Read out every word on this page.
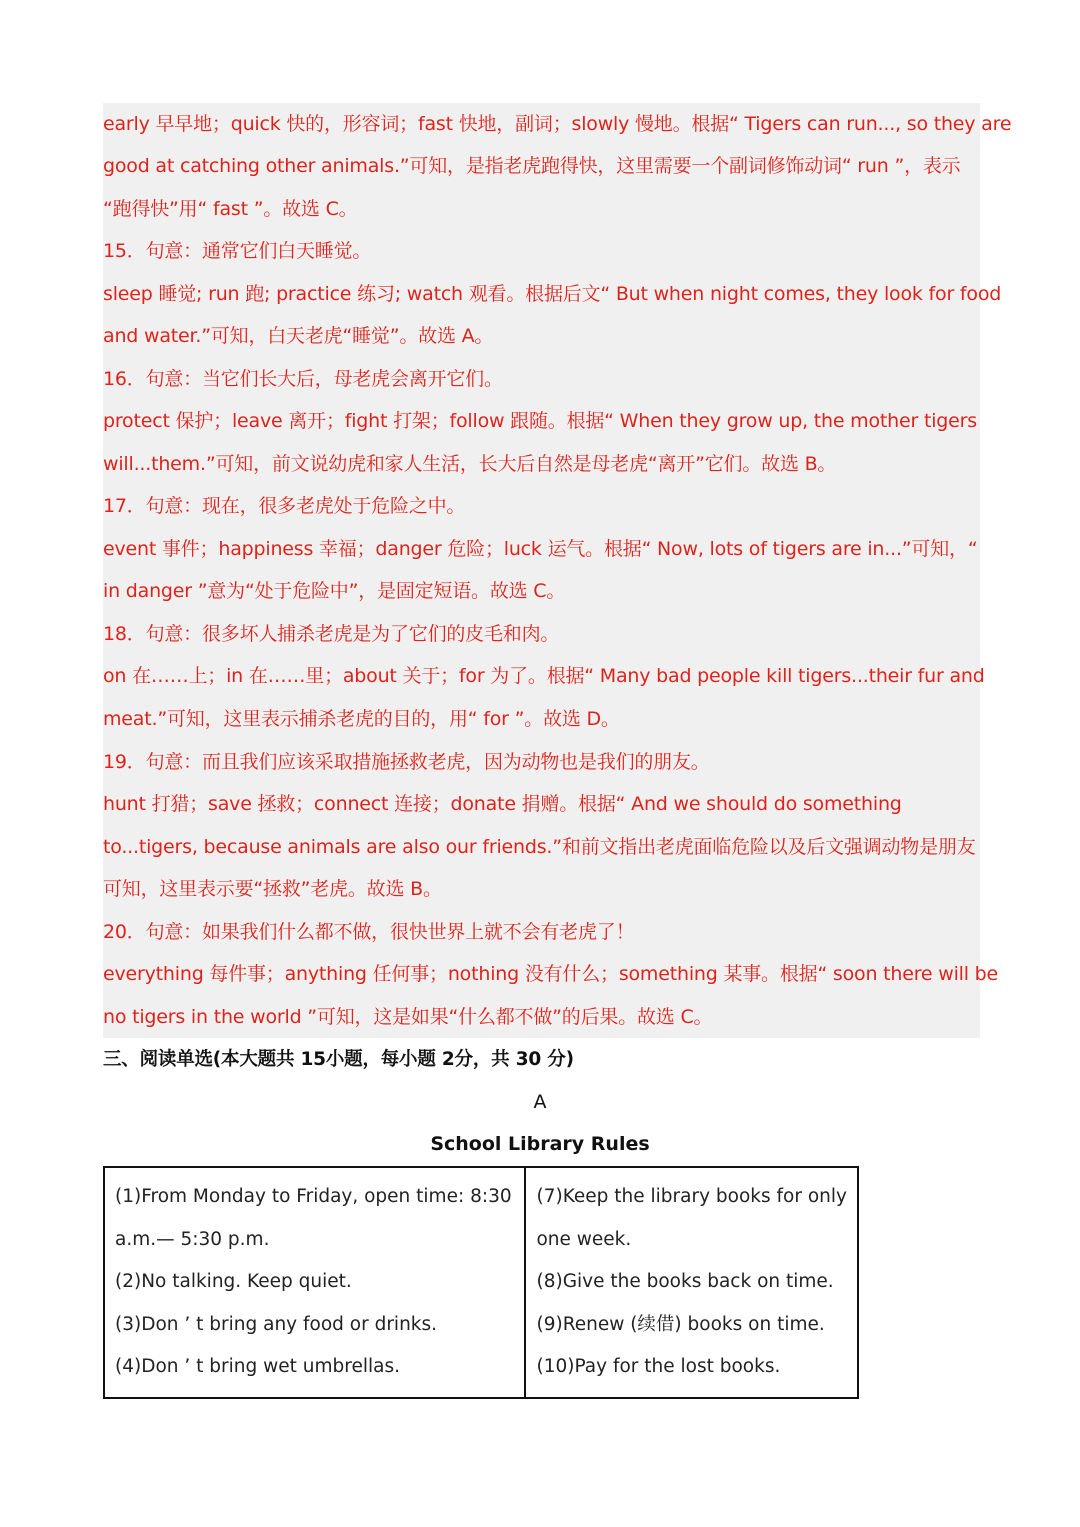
early 早早地；quick 快的，形容词；fast 快地，副词；slowly 慢地。根据“ Tigers can run..., so they are
good at catching other animals.”可知，是指老虎跑得快，这里需要一个副词修饰动词“ run ”，表示
“跑得快”用“ fast ”。故选 C。
15．句意：通常它们白天睡觉。
sleep 睡觉; run 跑; practice 练习; watch 观看。根据后文“ But when night comes, they look for food
and water.”可知，白天老虎“睡觉”。故选 A。
16．句意：当它们长大后，母老虎会离开它们。
protect 保护；leave 离开；fight 打架；follow 跟随。根据“ When they grow up, the mother tigers
will...them.”可知，前文说幼虎和家人生活，长大后自然是母老虎“离开”它们。故选 B。
17．句意：现在，很多老虎处于危险之中。
event 事件；happiness 幸福；danger 危险；luck 运气。根据“ Now, lots of tigers are in...”可知，“
in danger ”意为“处于危险中”，是固定短语。故选 C。
18．句意：很多坏人捕杀老虎是为了它们的皮毛和肉。
on 在……上；in 在……里；about 关于；for 为了。根据“ Many bad people kill tigers...their fur and
meat.”可知，这里表示捕杀老虎的目的，用“ for ”。故选 D。
19．句意：而且我们应该采取措施拯救老虎，因为动物也是我们的朋友。
hunt 打猎；save 拯救；connect 连接；donate 捐赠。根据“ And we should do something
to...tigers, because animals are also our friends.”和前文指出老虎面临危险以及后文强调动物是朋友
可知，这里表示要“拯救”老虎。故选 B。
20．句意：如果我们什么都不做，很快世界上就不会有老虎了！
everything 每件事；anything 任何事；nothing 没有什么；something 某事。根据“ soon there will be
no tigers in the world ”可知，这是如果“什么都不做”的后果。故选 C。
三、阅读单选(本大题共 15小题，每小题 2分，共 30 分)
A
School Library Rules
(1)From Monday to Friday, open time: 8:30
a.m.— 5:30 p.m.
(2)No talking. Keep quiet.
(3)Don ’ t bring any food or drinks.
(4)Don ’ t bring wet umbrellas.

(7)Keep the library books for only
one week.
(8)Give the books back on time.
(9)Renew (续借) books on time.
(10)Pay for the lost books.
